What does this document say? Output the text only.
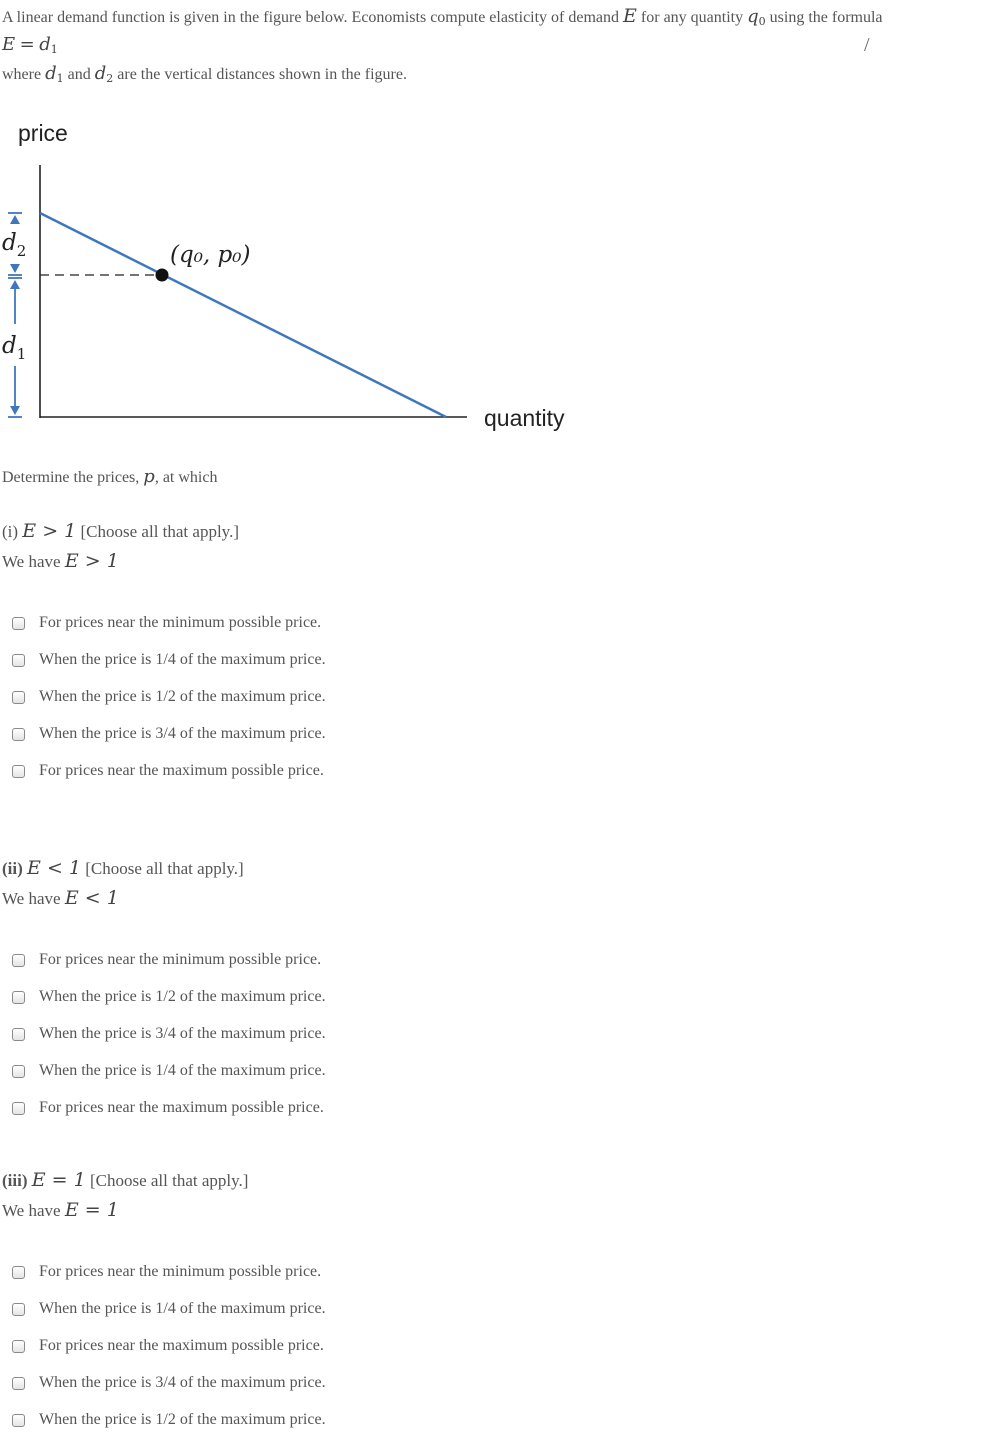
A linear demand function is given in the figure below. Economists compute elasticity of demand E for any quantity $q_0$ using the formula
$E = d_1$	/
where $d_1$ and $d_2$ are the vertical distances shown in the figure.
price
quantity
(q₀, p₀)
$d_2$
$d_1$
Determine the prices, p, at which
(i) E > 1 [Choose all that apply.]
We have E > 1
For prices near the minimum possible price.
When the price is 1/4 of the maximum price.
When the price is 1/2 of the maximum price.
When the price is 3/4 of the maximum price.
For prices near the maximum possible price.
(ii) E < 1 [Choose all that apply.]
We have E < 1
For prices near the minimum possible price.
When the price is 1/2 of the maximum price.
When the price is 3/4 of the maximum price.
When the price is 1/4 of the maximum price.
For prices near the maximum possible price.
(iii) E = 1 [Choose all that apply.]
We have E = 1
For prices near the minimum possible price.
When the price is 1/4 of the maximum price.
For prices near the maximum possible price.
When the price is 3/4 of the maximum price.
When the price is 1/2 of the maximum price.
